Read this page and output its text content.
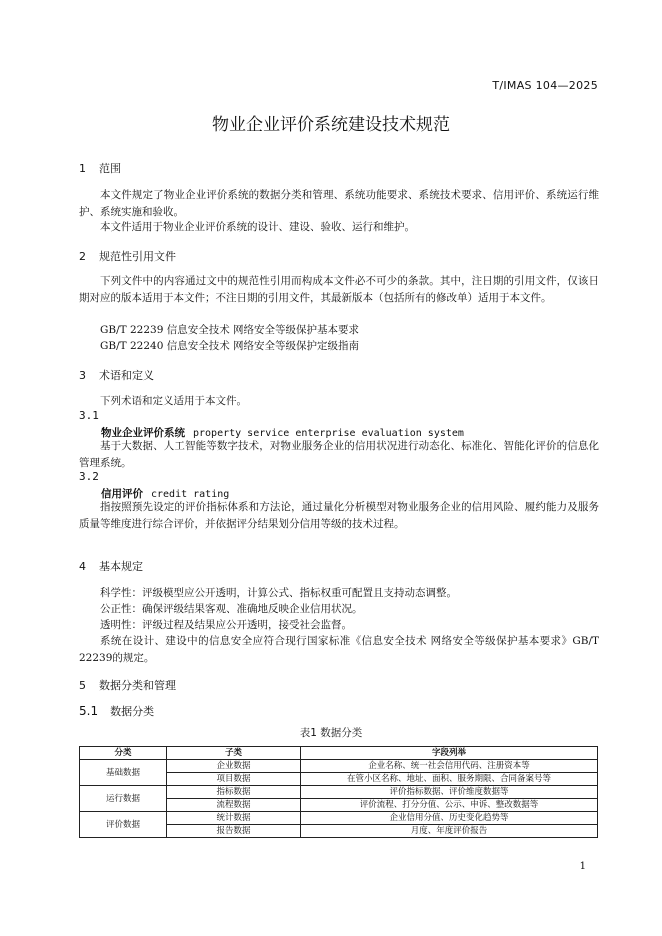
T/IMAS 104—2025
物业企业评价系统建设技术规范
1 范围
本文件规定了物业企业评价系统的数据分类和管理、系统功能要求、系统技术要求、信用评价、系统运行维护、系统实施和验收。
本文件适用于物业企业评价系统的设计、建设、验收、运行和维护。
2 规范性引用文件
下列文件中的内容通过文中的规范性引用而构成本文件必不可少的条款。其中，注日期的引用文件，仅该日期对应的版本适用于本文件；不注日期的引用文件，其最新版本（包括所有的修改单）适用于本文件。
GB/T 22239 信息安全技术 网络安全等级保护基本要求
GB/T 22240 信息安全技术 网络安全等级保护定级指南
3 术语和定义
下列术语和定义适用于本文件。
3.1
物业企业评价系统 property service enterprise evaluation system
基于大数据、人工智能等数字技术，对物业服务企业的信用状况进行动态化、标准化、智能化评价的信息化管理系统。
3.2
信用评价 credit rating
指按照预先设定的评价指标体系和方法论，通过量化分析模型对物业服务企业的信用风险、履约能力及服务质量等维度进行综合评价，并依据评分结果划分信用等级的技术过程。
4 基本规定
科学性：评级模型应公开透明，计算公式、指标权重可配置且支持动态调整。
公正性：确保评级结果客观、准确地反映企业信用状况。
透明性：评级过程及结果应公开透明，接受社会监督。
系统在设计、建设中的信息安全应符合现行国家标准《信息安全技术 网络安全等级保护基本要求》GB/T 22239的规定。
5 数据分类和管理
5.1 数据分类
表1 数据分类
分类	子类	字段列举
基础数据	企业数据	企业名称、统一社会信用代码、注册资本等
	项目数据	在管小区名称、地址、面积、服务期限、合同备案号等
运行数据	指标数据	评价指标数据、评价维度数据等
	流程数据	评价流程、打分分值、公示、申诉、整改数据等
评价数据	统计数据	企业信用分值、历史变化趋势等
	报告数据	月度、年度评价报告
1
